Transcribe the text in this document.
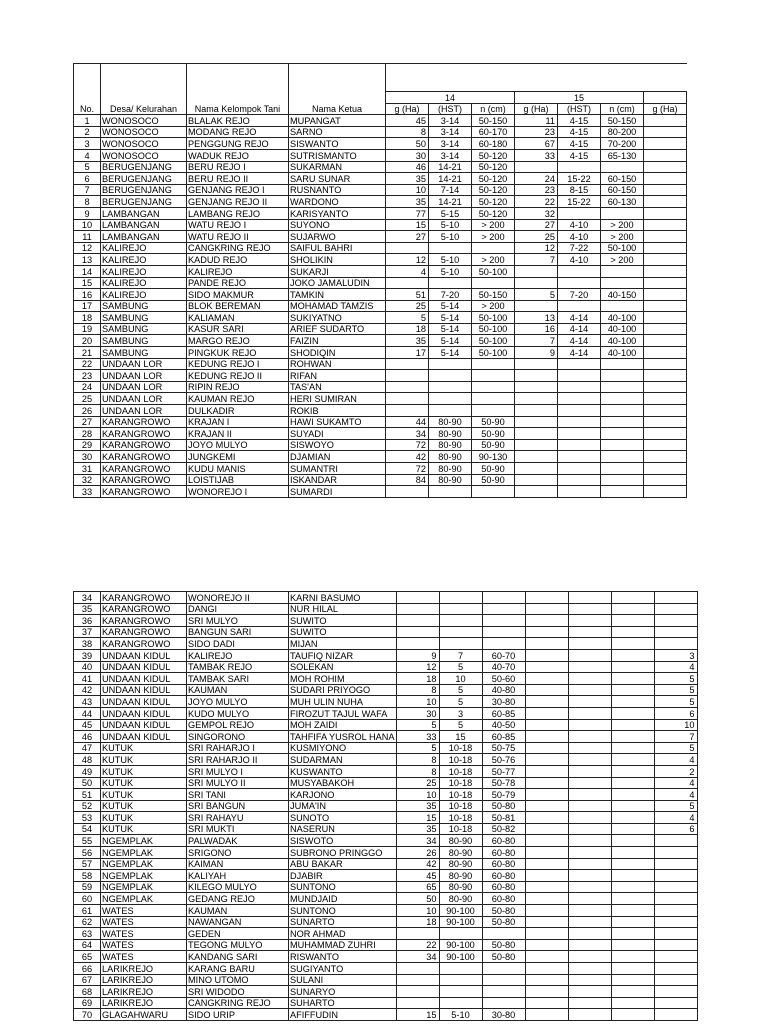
No.	Desa/ Kelurahan	Nama Kelompok Tani	Nama Ketua							
				14			15			
				g (Ha)	(HST)	n (cm)	g (Ha)	(HST)	n (cm)	g (Ha)
1	WONOSOCO	BLALAK REJO	MUPANGAT	45	3-14	50-150	11	4-15	50-150	
2	WONOSOCO	MODANG REJO	SARNO	8	3-14	60-170	23	4-15	80-200	
3	WONOSOCO	PENGGUNG REJO	SISWANTO	50	3-14	60-180	67	4-15	70-200	
4	WONOSOCO	WADUK REJO	SUTRISMANTO	30	3-14	50-120	33	4-15	65-130	
5	BERUGENJANG	BERU REJO I	SUKARMAN	46	14-21	50-120				
6	BERUGENJANG	BERU REJO II	SARU SUNAR	35	14-21	50-120	24	15-22	60-150	
7	BERUGENJANG	GENJANG REJO I	RUSNANTO	10	7-14	50-120	23	8-15	60-150	
8	BERUGENJANG	GENJANG REJO II	WARDONO	35	14-21	50-120	22	15-22	60-130	
9	LAMBANGAN	LAMBANG REJO	KARISYANTO	77	5-15	50-120	32			
10	LAMBANGAN	WATU REJO I	SUYONO	15	5-10	> 200	27	4-10	> 200	
11	LAMBANGAN	WATU REJO II	SUJARWO	27	5-10	> 200	25	4-10	> 200	
12	KALIREJO	CANGKRING REJO	SAIFUL BAHRI				12	7-22	50-100	
13	KALIREJO	KADUD REJO	SHOLIKIN	12	5-10	> 200	7	4-10	> 200	
14	KALIREJO	KALIREJO	SUKARJI	4	5-10	50-100				
15	KALIREJO	PANDE REJO	JOKO JAMALUDIN							
16	KALIREJO	SIDO MAKMUR	TAMKIN	51	7-20	50-150	5	7-20	40-150	
17	SAMBUNG	BLOK BEREMAN	MOHAMAD TAMZIS	25	5-14	> 200				
18	SAMBUNG	KALIAMAN	SUKIYATNO	5	5-14	50-100	13	4-14	40-100	
19	SAMBUNG	KASUR SARI	ARIEF SUDARTO	18	5-14	50-100	16	4-14	40-100	
20	SAMBUNG	MARGO REJO	FAIZIN	35	5-14	50-100	7	4-14	40-100	
21	SAMBUNG	PINGKUK REJO	SHODIQIN	17	5-14	50-100	9	4-14	40-100	
22	UNDAAN LOR	KEDUNG REJO I	ROHWAN							
23	UNDAAN LOR	KEDUNG REJO II	RIFAN							
24	UNDAAN LOR	RIPIN REJO	TAS'AN							
25	UNDAAN LOR	KAUMAN REJO	HERI SUMIRAN							
26	UNDAAN LOR	DULKADIR	ROKIB							
27	KARANGROWO	KRAJAN I	HAWI SUKAMTO	44	80-90	50-90				
28	KARANGROWO	KRAJAN II	SUYADI	34	80-90	50-90				
29	KARANGROWO	JOYO MULYO	SISWOYO	72	80-90	50-90				
30	KARANGROWO	JUNGKEMI	DJAMIAN	42	80-90	90-130				
31	KARANGROWO	KUDU MANIS	SUMANTRI	72	80-90	50-90				
32	KARANGROWO	LOISTIJAB	ISKANDAR	84	80-90	50-90				
33	KARANGROWO	WONOREJO I	SUMARDI							
34	KARANGROWO	WONOREJO II	KARNI BASUMO							
35	KARANGROWO	DANGI	NUR HILAL							
36	KARANGROWO	SRI MULYO	SUWITO							
37	KARANGROWO	BANGUN SARI	SUWITO							
38	KARANGROWO	SIDO DADI	MIJAN							
39	UNDAAN KIDUL	KALIREJO	TAUFIQ NIZAR	9	7	60-70				3
40	UNDAAN KIDUL	TAMBAK REJO	SOLEKAN	12	5	40-70				4
41	UNDAAN KIDUL	TAMBAK SARI	MOH ROHIM	18	10	50-60				5
42	UNDAAN KIDUL	KAUMAN	SUDARI PRIYOGO	8	5	40-80				5
43	UNDAAN KIDUL	JOYO MULYO	MUH ULIN NUHA	10	5	30-80				5
44	UNDAAN KIDUL	KUDO MULYO	FIROZUT TAJUL WAFA	30	3	60-85				6
45	UNDAAN KIDUL	GEMPOL REJO	MOH ZAIDI	5	5	40-50				10
46	UNDAAN KIDUL	SINGORONO	TAHFIFA YUSROL HANA	33	15	60-85				7
47	KUTUK	SRI RAHARJO I	KUSMIYONO	5	10-18	50-75				5
48	KUTUK	SRI RAHARJO II	SUDARMAN	8	10-18	50-76				4
49	KUTUK	SRI MULYO I	KUSWANTO	8	10-18	50-77				2
50	KUTUK	SRI MULYO II	MUSYABAKOH	25	10-18	50-78				4
51	KUTUK	SRI TANI	KARJONO	10	10-18	50-79				4
52	KUTUK	SRI BANGUN	JUMA'IN	35	10-18	50-80				5
53	KUTUK	SRI RAHAYU	SUNOTO	15	10-18	50-81				4
54	KUTUK	SRI MUKTI	NASERUN	35	10-18	50-82				6
55	NGEMPLAK	PALWADAK	SISWOTO	34	80-90	60-80				
56	NGEMPLAK	SRIGONO	SUBRONO PRINGGO	26	80-90	60-80				
57	NGEMPLAK	KAIMAN	ABU BAKAR	42	80-90	60-80				
58	NGEMPLAK	KALIYAH	DJABIR	45	80-90	60-80				
59	NGEMPLAK	KILEGO MULYO	SUNTONO	65	80-90	60-80				
60	NGEMPLAK	GEDANG REJO	MUNDJAID	50	80-90	60-80				
61	WATES	KAUMAN	SUNTONO	10	90-100	50-80				
62	WATES	NAWANGAN	SUNARTO	18	90-100	50-80				
63	WATES	GEDEN	NOR AHMAD							
64	WATES	TEGONG MULYO	MUHAMMAD ZUHRI	22	90-100	50-80				
65	WATES	KANDANG SARI	RISWANTO	34	90-100	50-80				
66	LARIKREJO	KARANG BARU	SUGIYANTO							
67	LARIKREJO	MINO UTOMO	SULANI							
68	LARIKREJO	SRI WIDODO	SUNARYO							
69	LARIKREJO	CANGKRING REJO	SUHARTO							
70	GLAGAHWARU	SIDO URIP	AFIFFUDIN	15	5-10	30-80				
